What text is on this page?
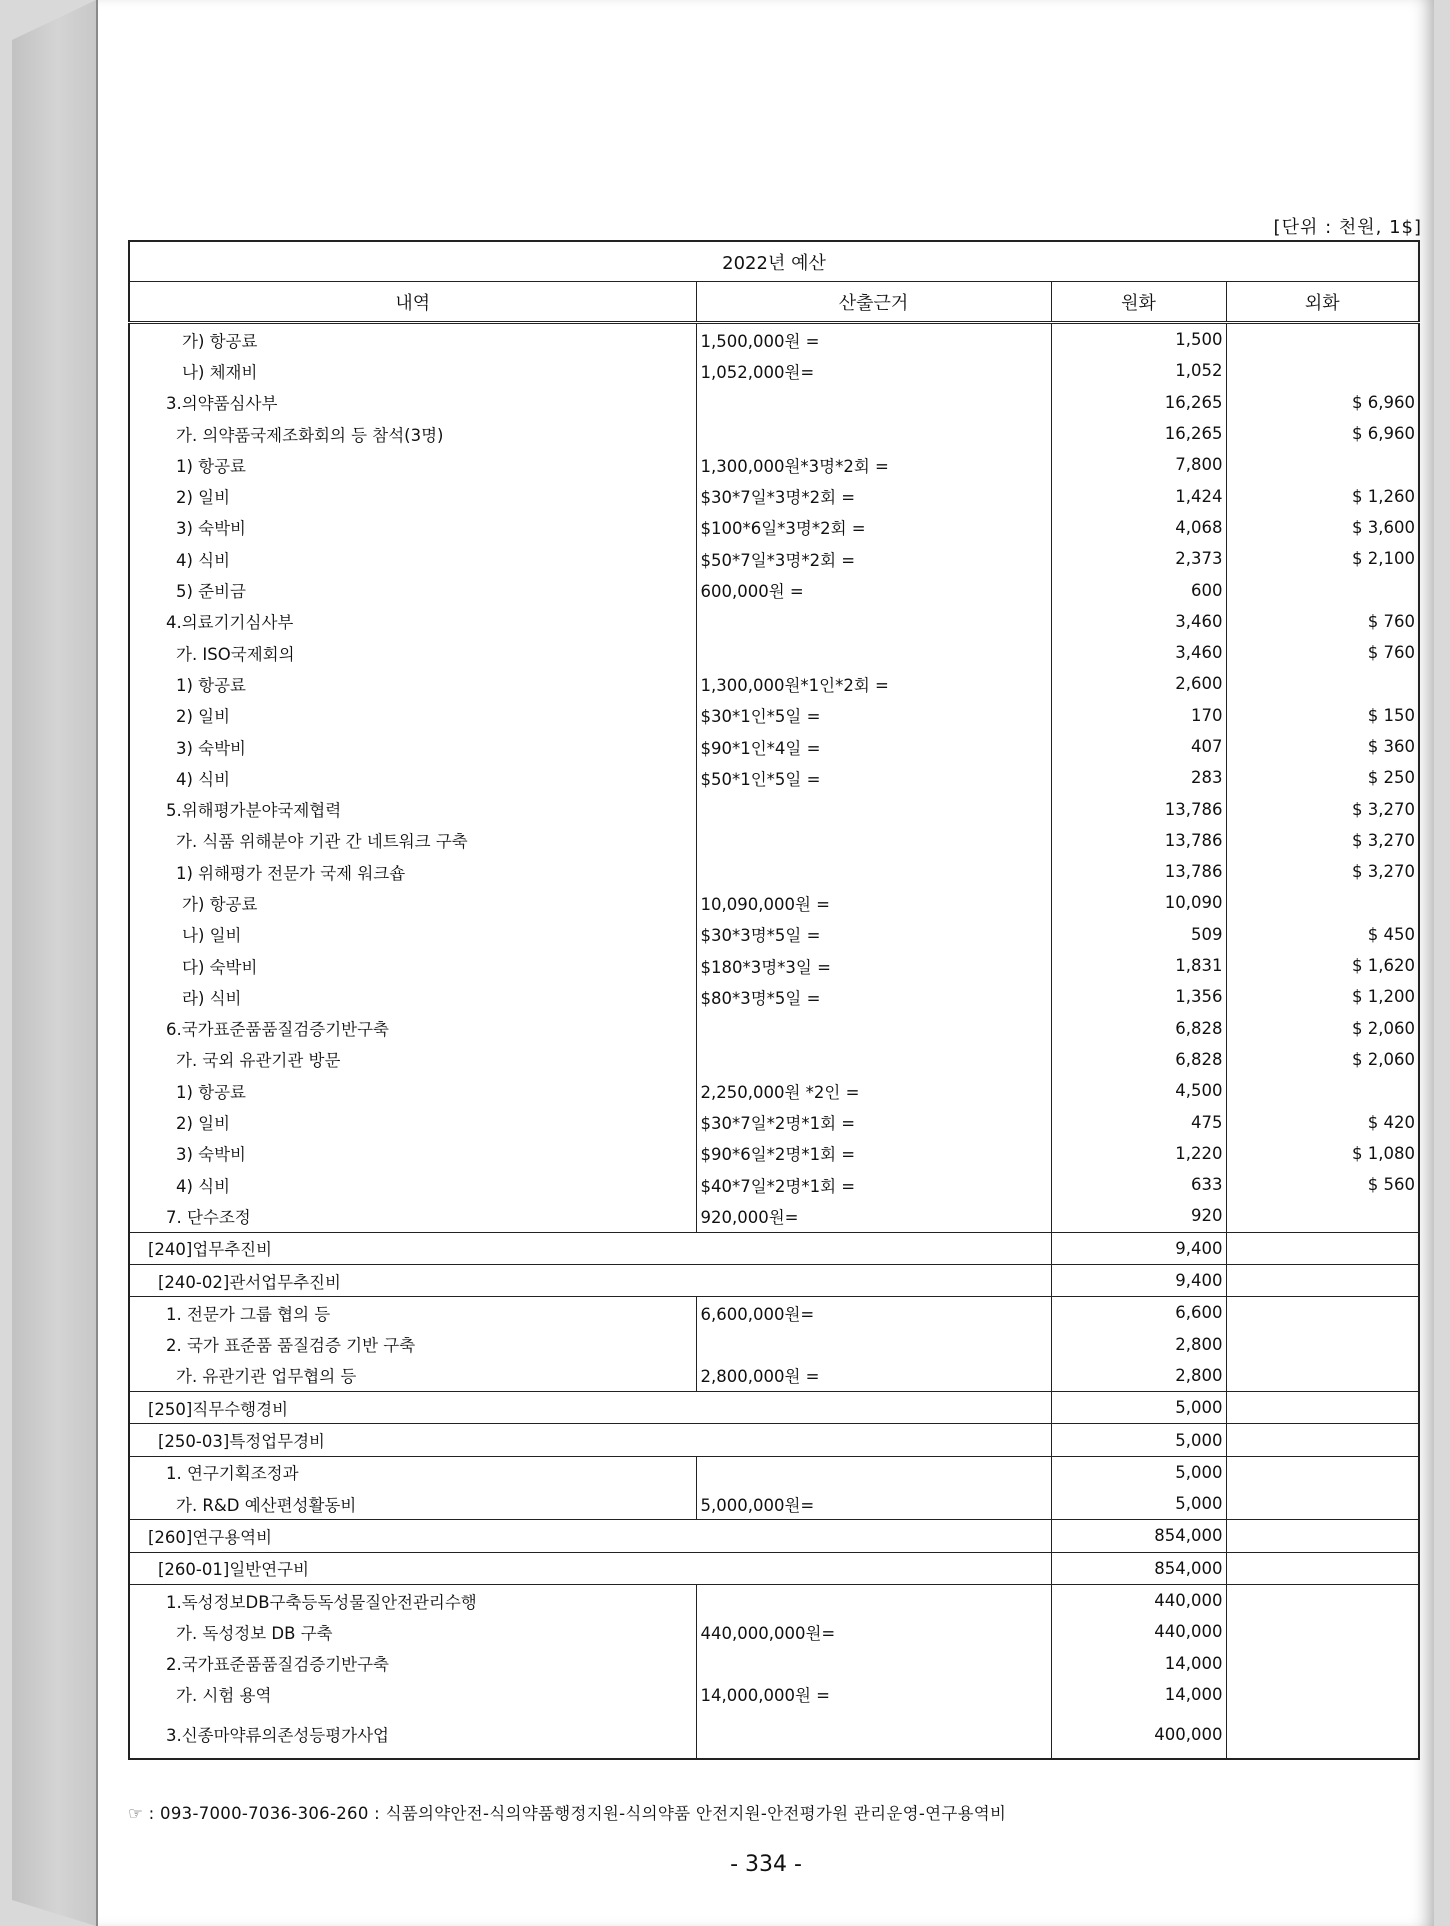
[단위 : 천원, 1$]
2022년 예산			
내역	산출근거	원화	외화
가) 항공료	1,500,000원 =	1,500	
나) 체재비	1,052,000원=	1,052	
3.의약품심사부		16,265	$ 6,960
가. 의약품국제조화회의 등 참석(3명)		16,265	$ 6,960
1) 항공료	1,300,000원*3명*2회 =	7,800	
2) 일비	$30*7일*3명*2회 =	1,424	$ 1,260
3) 숙박비	$100*6일*3명*2회 =	4,068	$ 3,600
4) 식비	$50*7일*3명*2회 =	2,373	$ 2,100
5) 준비금	600,000원 =	600	
4.의료기기심사부		3,460	$ 760
가. ISO국제회의		3,460	$ 760
1) 항공료	1,300,000원*1인*2회 =	2,600	
2) 일비	$30*1인*5일 =	170	$ 150
3) 숙박비	$90*1인*4일 =	407	$ 360
4) 식비	$50*1인*5일 =	283	$ 250
5.위해평가분야국제협력		13,786	$ 3,270
가. 식품 위해분야 기관 간 네트워크 구축		13,786	$ 3,270
1) 위해평가 전문가 국제 워크숍		13,786	$ 3,270
가) 항공료	10,090,000원 =	10,090	
나) 일비	$30*3명*5일 =	509	$ 450
다) 숙박비	$180*3명*3일 =	1,831	$ 1,620
라) 식비	$80*3명*5일 =	1,356	$ 1,200
6.국가표준품품질검증기반구축		6,828	$ 2,060
가. 국외 유관기관 방문		6,828	$ 2,060
1) 항공료	2,250,000원 *2인 =	4,500	
2) 일비	$30*7일*2명*1회 =	475	$ 420
3) 숙박비	$90*6일*2명*1회 =	1,220	$ 1,080
4) 식비	$40*7일*2명*1회 =	633	$ 560
7. 단수조정	920,000원=	920	
[240]업무추진비		9,400	
[240-02]관서업무추진비		9,400	
1. 전문가 그룹 협의 등	6,600,000원=	6,600	
2. 국가 표준품 품질검증 기반 구축		2,800	
가. 유관기관 업무협의 등	2,800,000원 =	2,800	
[250]직무수행경비		5,000	
[250-03]특정업무경비		5,000	
1. 연구기획조정과		5,000	
가. R&D 예산편성활동비	5,000,000원=	5,000	
[260]연구용역비		854,000	
[260-01]일반연구비		854,000	
1.독성정보DB구축등독성물질안전관리수행		440,000	
가. 독성정보 DB 구축	440,000,000원=	440,000	
2.국가표준품품질검증기반구축		14,000	
가. 시험 용역	14,000,000원 =	14,000	
3.신종마약류의존성등평가사업		400,000	
☞ : 093-7000-7036-306-260 : 식품의약안전-식의약품행정지원-식의약품 안전지원-안전평가원 관리운영-연구용역비
- 334 -
